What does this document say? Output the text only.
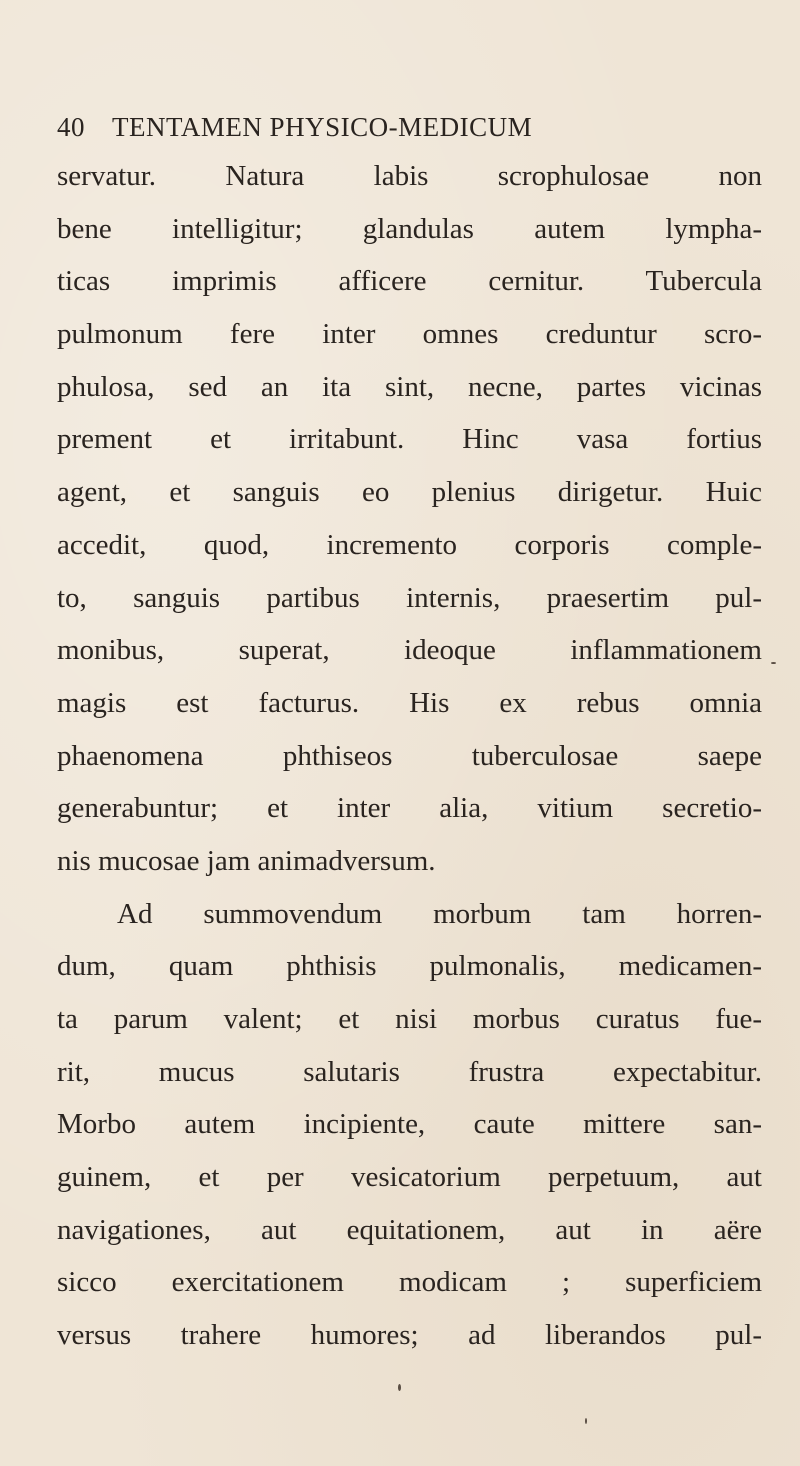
40 TENTAMEN PHYSICO-MEDICUM
servatur. Natura labis scrophulosae non
bene intelligitur; glandulas autem lympha-
ticas imprimis afficere cernitur. Tubercula
pulmonum fere inter omnes creduntur scro-
phulosa, sed an ita sint, necne, partes vicinas
prement et irritabunt. Hinc vasa fortius
agent, et sanguis eo plenius dirigetur. Huic
accedit, quod, incremento corporis comple-
to, sanguis partibus internis, praesertim pul-
monibus, superat, ideoque inflammationem
magis est facturus. His ex rebus omnia
phaenomena phthiseos tuberculosae saepe
generabuntur; et inter alia, vitium secretio-
nis mucosae jam animadversum.
Ad summovendum morbum tam horren-
dum, quam phthisis pulmonalis, medicamen-
ta parum valent; et nisi morbus curatus fue-
rit, mucus salutaris frustra expectabitur.
Morbo autem incipiente, caute mittere san-
guinem, et per vesicatorium perpetuum, aut
navigationes, aut equitationem, aut in aëre
sicco exercitationem modicam ; superficiem
versus trahere humores; ad liberandos pul-
